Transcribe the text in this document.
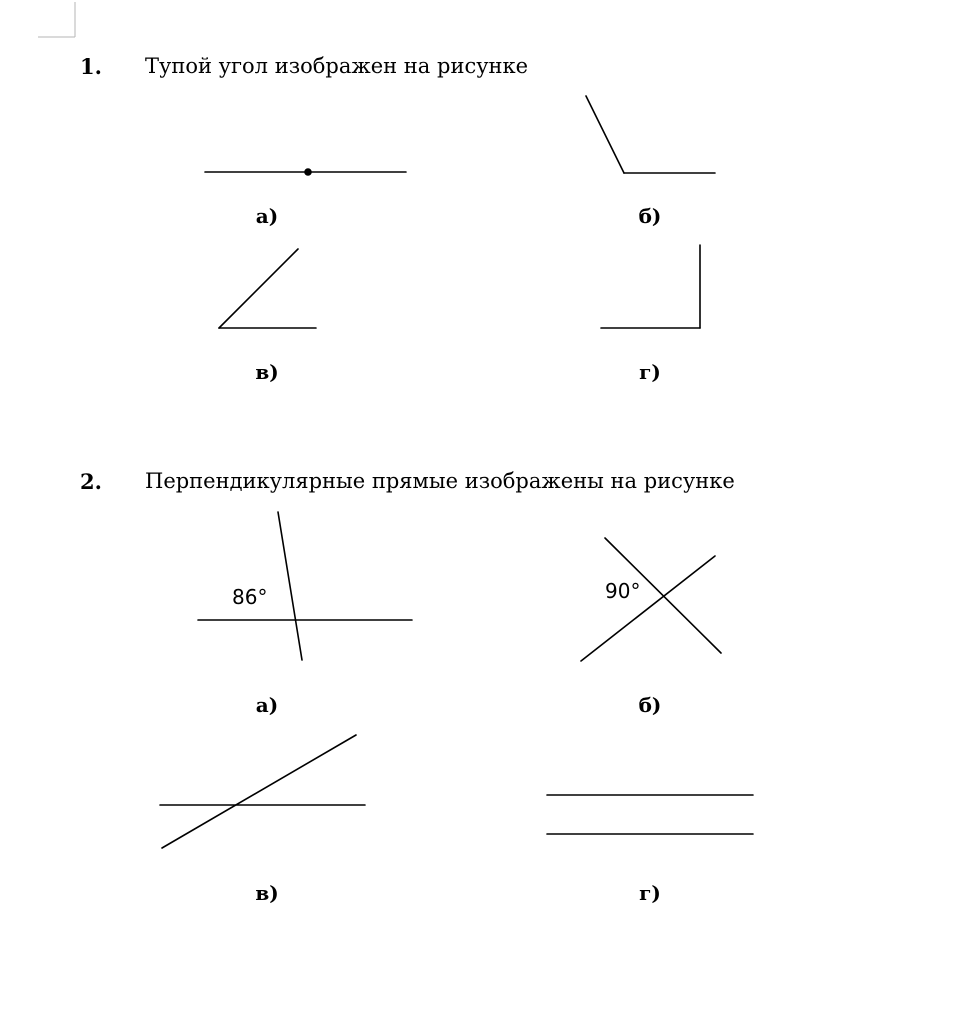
1. Тупой угол изображен на рисунке
а)	б)
в)	г)
2. Перпендикулярные прямые изображены на рисунке
86°	90°
а)	б)
в)	г)
